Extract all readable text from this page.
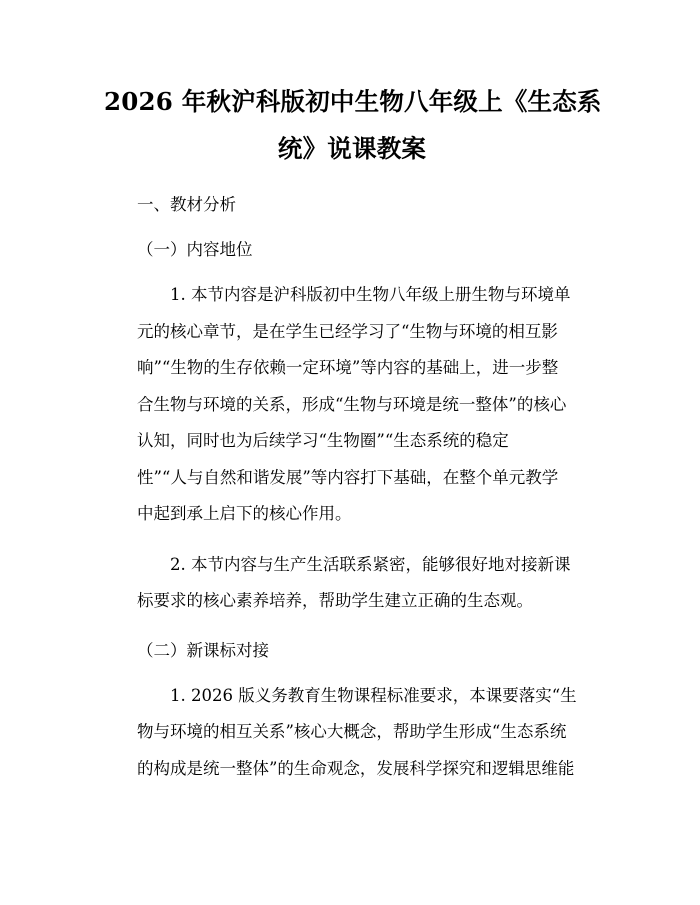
2026 年秋沪科版初中生物八年级上《生态系
统》说课教案

一、教材分析

（一）内容地位

1. 本节内容是沪科版初中生物八年级上册生物与环境单
元的核心章节，是在学生已经学习了“生物与环境的相互影
响”“生物的生存依赖一定环境”等内容的基础上，进一步整
合生物与环境的关系，形成“生物与环境是统一整体”的核心
认知，同时也为后续学习“生物圈”“生态系统的稳定
性”“人与自然和谐发展”等内容打下基础，在整个单元教学
中起到承上启下的核心作用。

2. 本节内容与生产生活联系紧密，能够很好地对接新课
标要求的核心素养培养，帮助学生建立正确的生态观。

（二）新课标对接

1. 2026 版义务教育生物课程标准要求，本课要落实“生
物与环境的相互关系”核心大概念，帮助学生形成“生态系统
的构成是统一整体”的生命观念，发展科学探究和逻辑思维能
